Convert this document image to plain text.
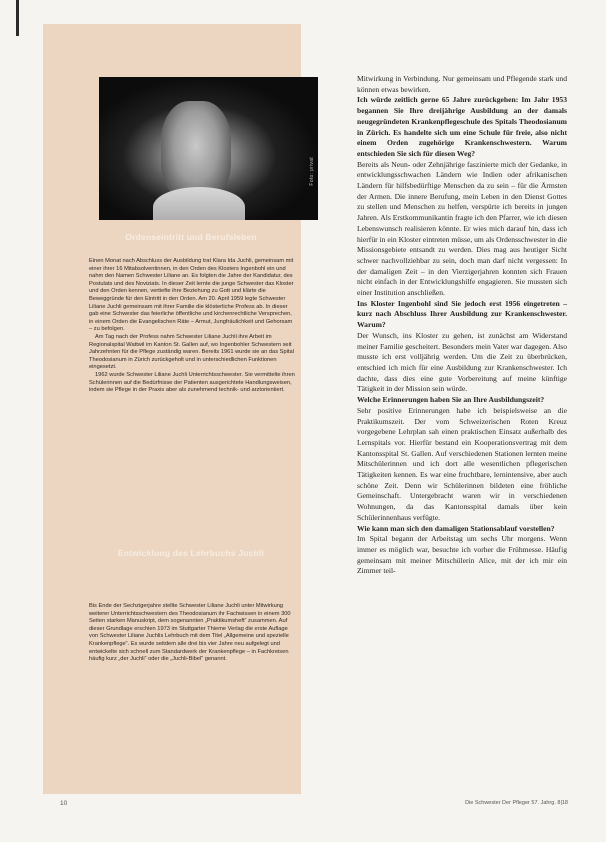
Foto: privat
Ordenseintritt und Berufsleben

Einen Monat nach Abschluss der Ausbildung trat Klara Ida Juchli, gemeinsam mit einer ihrer 16 Mitabsolventinnen, in den Orden des Klosters Ingenbohl ein und nahm den Namen Schwester Liliane an. Es folgten die Jahre der Kandidatur, des Postulats und des Noviziats. In dieser Zeit lernte die junge Schwester das Kloster und den Orden kennen, vertiefte ihre Beziehung zu Gott und klärte die Beweggründe für den Eintritt in den Orden. Am 20. April 1959 legte Schwester Liliane Juchli gemeinsam mit ihrer Familie die klösterliche Profess ab. In dieser gab eine Schwester das feierliche öffentliche und kirchenrechtliche Versprechen, in einem Orden die Evangelischen Räte – Armut, Jungfräulichkeit und Gehorsam – zu befolgen.

Am Tag nach der Profess nahm Schwester Liliane Juchli ihre Arbeit im Regionalspital Wattwil im Kanton St. Gallen auf, wo Ingenbohler Schwestern seit Jahrzehnten für die Pflege zuständig waren. Bereits 1961 wurde sie an das Spital Theodosianum in Zürich zurückgeholt und in unterschiedlichen Funktionen eingesetzt.

1962 wurde Schwester Liliane Juchli Unterrichtsschwester. Sie vermittelte ihren Schülerinnen auf die Bedürfnisse der Patienten ausgerichtete Handlungsweisen, indem sie Pflege in der Praxis aber als zunehmend technik- und arztorientiert.

Entwicklung des Lehrbuchs Juchli

Bis Ende der Sechzigerjahre stellte Schwester Liliane Juchli unter Mitwirkung weiterer Unterrichtsschwestern des Theodosianum ihr Fachwissen in einem 300 Seiten starken Manuskript, dem sogenannten „Praktikumsheft“ zusammen. Auf dieser Grundlage erschien 1973 im Stuttgarter Thieme Verlag die erste Auflage von Schwester Liliane Juchlis Lehrbuch mit dem Titel „Allgemeine und spezielle Krankenpflege“. Es wurde seitdem alle drei bis vier Jahre neu aufgelegt und entwickelte sich schnell zum Standardwerk der Krankenpflege – in Fachkreisen häufig kurz „der Juchli“ oder die „Juchli-Bibel“ genannt.

Mitwirkung in Verbindung. Nur gemeinsam und Pflegende stark und können etwas bewirken.

Ich würde zeitlich gerne 65 Jahre zurückgehen: Im Jahr 1953 begannen Sie Ihre dreijährige Ausbildung an der damals neugegründeten Krankenpflegeschule des Spitals Theodosianum in Zürich. Es handelte sich um eine Schule für freie, also nicht einem Orden zugehörige Krankenschwestern. Warum entschieden Sie sich für diesen Weg?

Bereits als Neun- oder Zehnjährige faszinierte mich der Gedanke, in entwicklungsschwachen Ländern wie Indien oder afrikanischen Ländern für hilfsbedürftige Menschen da zu sein – für die Ärmsten der Armen. Die innere Berufung, mein Leben in den Dienst Gottes zu stellen und Menschen zu helfen, verspürte ich bereits in jungen Jahren. Als Erstkommunikantin fragte ich den Pfarrer, wie ich diesen Lebenswunsch realisieren könnte. Er wies mich darauf hin, dass ich hierfür in ein Kloster eintreten müsse, um als Ordensschwester in die Missionsgebiete entsandt zu werden. Dies mag aus heutiger Sicht schwer nachvollziehbar zu sein, doch man darf nicht vergessen: In der damaligen Zeit – in den Vierzigerjahren konnten sich Frauen nicht einfach in der Entwicklungshilfe engagieren. Sie mussten sich einer Institution anschließen.

Ins Kloster Ingenbohl sind Sie jedoch erst 1956 eingetreten – kurz nach Abschluss Ihrer Ausbildung zur Krankenschwester. Warum?

Der Wunsch, ins Kloster zu gehen, ist zunächst am Widerstand meiner Familie gescheitert. Besonders mein Vater war dagegen. Also musste ich erst volljährig werden. Um die Zeit zu überbrücken, entschied ich mich für eine Ausbildung zur Krankenschwester. Ich dachte, dass dies eine gute Vorbereitung auf meine künftige Tätigkeit in der Mission sein würde.

Welche Erinnerungen haben Sie an Ihre Ausbildungszeit?

Sehr positive Erinnerungen habe ich beispielsweise an die Praktikumszeit. Der vom Schweizerischen Roten Kreuz vorgegebene Lehrplan sah einen praktischen Einsatz außerhalb des Lernspitals vor. Hierfür bestand ein Kooperationsvertrag mit dem Kantonsspital St. Gallen. Auf verschiedenen Stationen lernten meine Mitschülerinnen und ich dort alle wesentlichen pflegerischen Tätigkeiten kennen. Es war eine fruchtbare, lernintensive, aber auch schöne Zeit. Denn wir Schülerinnen bildeten eine fröhliche Gemeinschaft. Untergebracht waren wir in verschiedenen Wohnungen, da das Kantonsspital damals über kein Schülerinnenhaus verfügte.

Wie kann man sich den damaligen Stationsablauf vorstellen?

Im Spital begann der Arbeitstag um sechs Uhr morgens. Wenn immer es möglich war, besuchte ich vorher die Frühmesse. Häufig gemeinsam mit meiner Mitschülerin Alice, mit der ich mir ein Zimmer teil-

10	Die Schwester Der Pfleger 57. Jahrg. 8|18
